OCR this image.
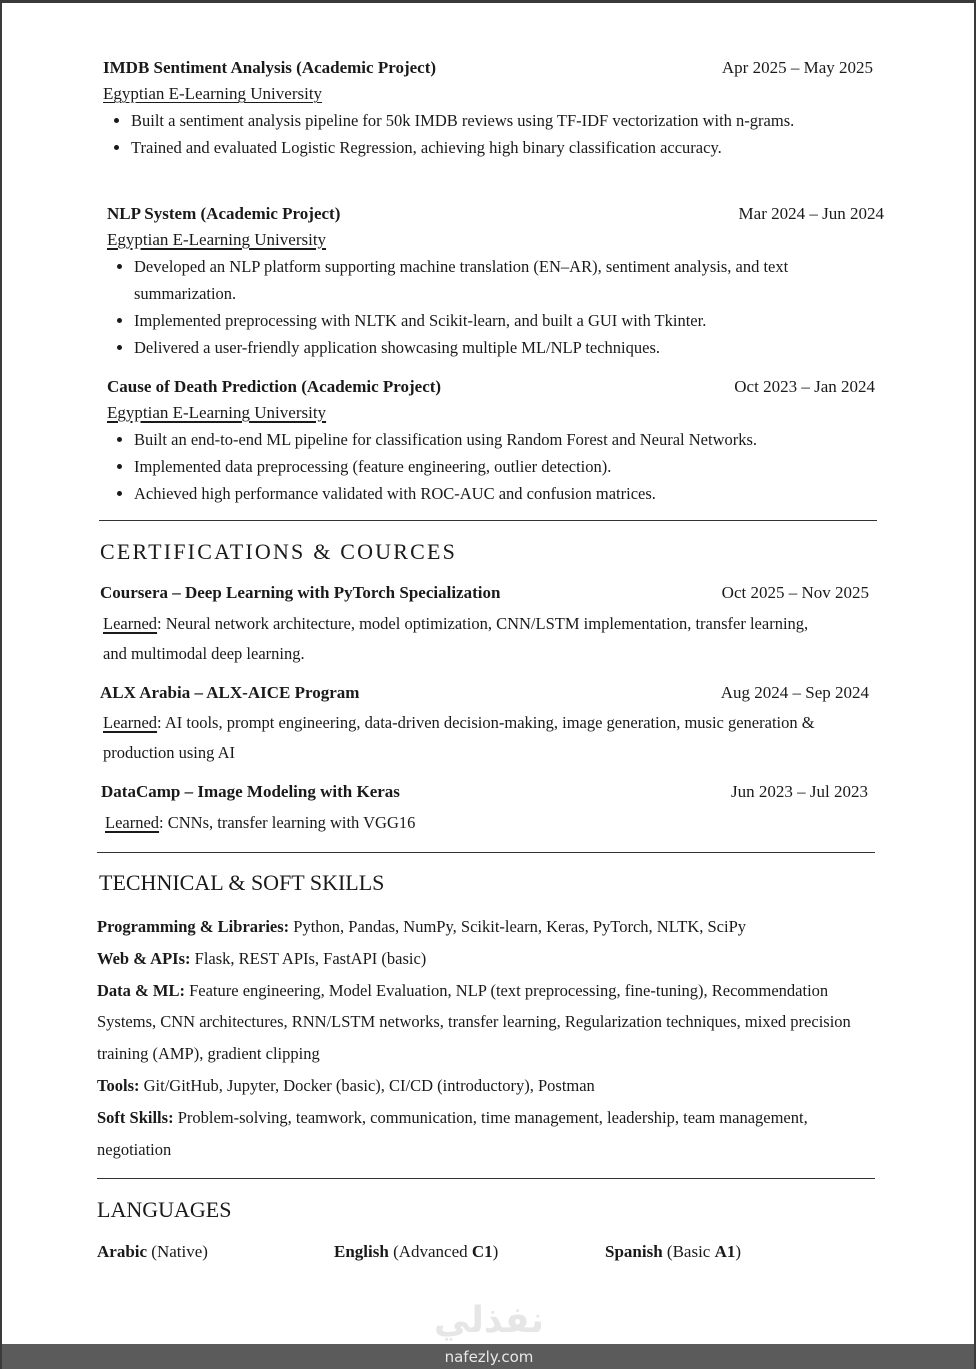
IMDB Sentiment Analysis (Academic Project)	Apr 2025 – May 2025
Egyptian E-Learning University
Built a sentiment analysis pipeline for 50k IMDB reviews using TF-IDF vectorization with n-grams.
Trained and evaluated Logistic Regression, achieving high binary classification accuracy.
NLP System (Academic Project)	Mar 2024 – Jun 2024
Egyptian E-Learning University
Developed an NLP platform supporting machine translation (EN–AR), sentiment analysis, and text summarization.
Implemented preprocessing with NLTK and Scikit-learn, and built a GUI with Tkinter.
Delivered a user-friendly application showcasing multiple ML/NLP techniques.
Cause of Death Prediction (Academic Project)	Oct 2023 – Jan 2024
Egyptian E-Learning University
Built an end-to-end ML pipeline for classification using Random Forest and Neural Networks.
Implemented data preprocessing (feature engineering, outlier detection).
Achieved high performance validated with ROC-AUC and confusion matrices.
CERTIFICATIONS & COURCES
Coursera – Deep Learning with PyTorch Specialization	Oct 2025 – Nov 2025
Learned: Neural network architecture, model optimization, CNN/LSTM implementation, transfer learning, and multimodal deep learning.
ALX Arabia – ALX-AICE Program	Aug 2024 – Sep 2024
Learned: AI tools, prompt engineering, data-driven decision-making, image generation, music generation & production using AI
DataCamp – Image Modeling with Keras	Jun 2023 – Jul 2023
Learned: CNNs, transfer learning with VGG16
TECHNICAL & SOFT SKILLS
Programming & Libraries: Python, Pandas, NumPy, Scikit-learn, Keras, PyTorch, NLTK, SciPy
Web & APIs: Flask, REST APIs, FastAPI (basic)
Data & ML: Feature engineering, Model Evaluation, NLP (text preprocessing, fine-tuning), Recommendation Systems, CNN architectures, RNN/LSTM networks, transfer learning, Regularization techniques, mixed precision training (AMP), gradient clipping
Tools: Git/GitHub, Jupyter, Docker (basic), CI/CD (introductory), Postman
Soft Skills: Problem-solving, teamwork, communication, time management, leadership, team management, negotiation
LANGUAGES
Arabic (Native)	English (Advanced C1)	Spanish (Basic A1)
نفذلي
nafezly.com
